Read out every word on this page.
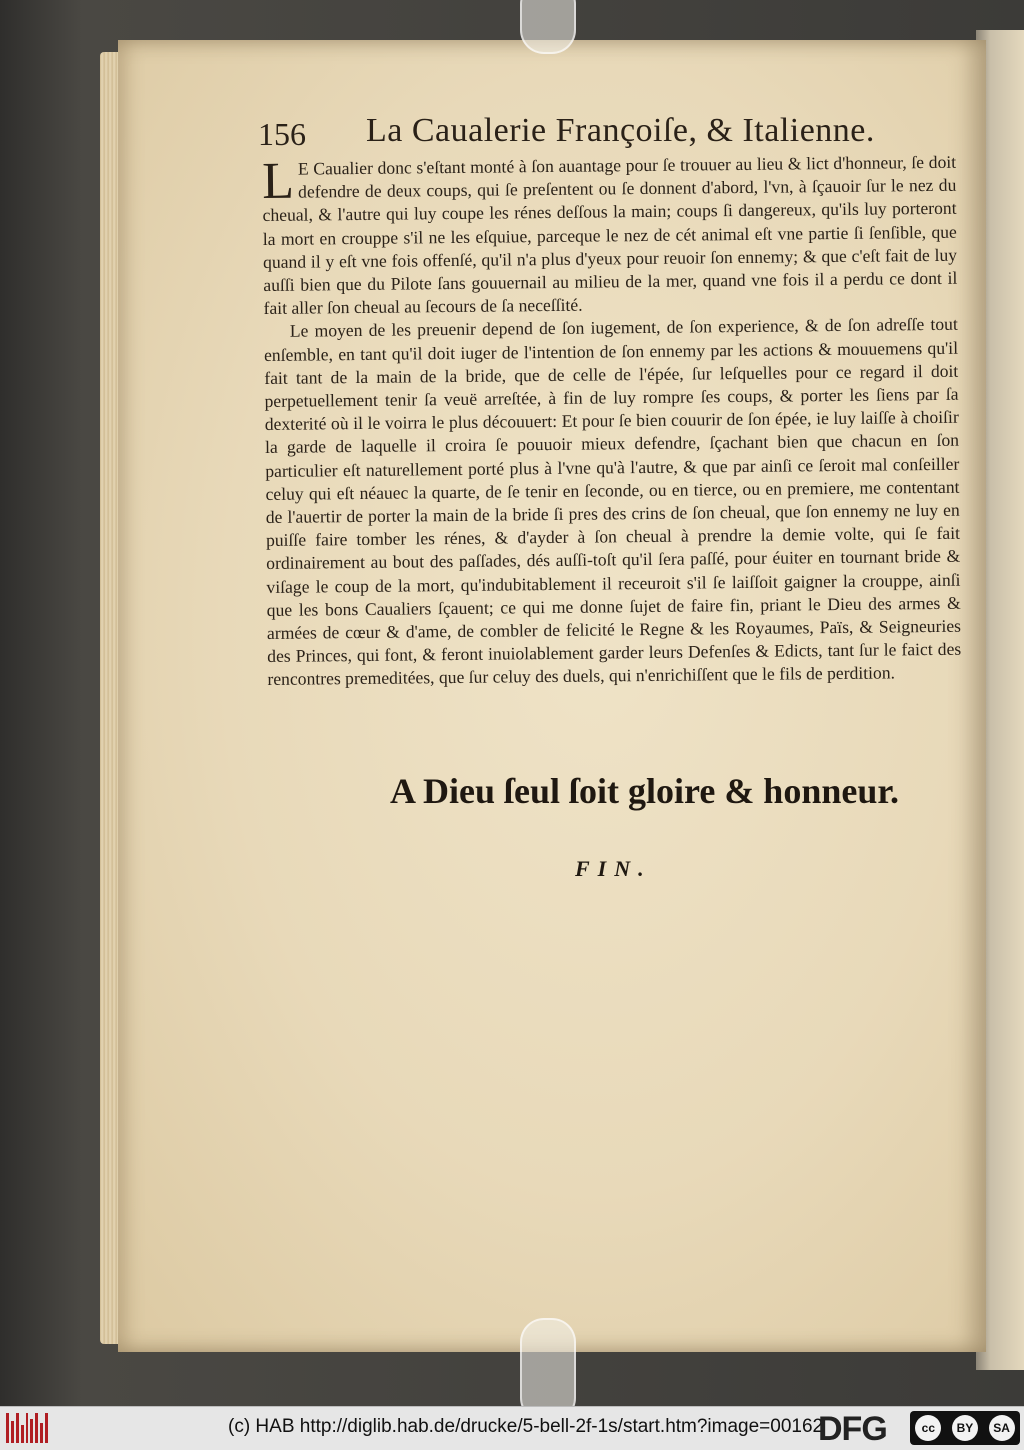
156 La Caualerie Françoiſe, & Italienne.

LE Caualier donc s'eſtant monté à ſon auantage pour ſe trouuer au lieu & lict d'honneur, ſe doit defendre de deux coups, qui ſe preſentent ou ſe donnent d'abord, l'vn, à ſçauoir ſur le nez du cheual, & l'autre qui luy coupe les rénes deſſous la main; coups ſi dangereux, qu'ils luy porteront la mort en crouppe s'il ne les eſquiue, parceque le nez de cét animal eſt vne partie ſi ſenſible, que quand il y eſt vne fois offenſé, qu'il n'a plus d'yeux pour reuoir ſon ennemy; & que c'eſt fait de luy auſſi bien que du Pilote ſans gouuernail au milieu de la mer, quand vne fois il a perdu ce dont il fait aller ſon cheual au ſecours de ſa neceſſité.

Le moyen de les preuenir depend de ſon iugement, de ſon experience, & de ſon adreſſe tout enſemble, en tant qu'il doit iuger de l'intention de ſon ennemy par les actions & mouuemens qu'il fait tant de la main de la bride, que de celle de l'épée, ſur leſquelles pour ce regard il doit perpetuellement tenir ſa veuë arreſtée, à fin de luy rompre ſes coups, & porter les ſiens par ſa dexterité où il le voirra le plus découuert: Et pour ſe bien couurir de ſon épée, ie luy laiſſe à choiſir la garde de laquelle il croira ſe pouuoir mieux defendre, ſçachant bien que chacun en ſon particulier eſt naturellement porté plus à l'vne qu'à l'autre, & que par ainſi ce ſeroit mal conſeiller celuy qui eſt néauec la quarte, de ſe tenir en ſeconde, ou en tierce, ou en premiere, me contentant de l'auertir de porter la main de la bride ſi pres des crins de ſon cheual, que ſon ennemy ne luy en puiſſe faire tomber les rénes, & d'ayder à ſon cheual à prendre la demie volte, qui ſe fait ordinairement au bout des paſſades, dés auſſi-toſt qu'il ſera paſſé, pour éuiter en tournant bride & viſage le coup de la mort, qu'indubitablement il receuroit s'il ſe laiſſoit gaigner la crouppe, ainſi que les bons Caualiers ſçauent; ce qui me donne ſujet de faire fin, priant le Dieu des armes & armées de cœur & d'ame, de combler de felicité le Regne & les Royaumes, Païs, & Seigneuries des Princes, qui font, & feront inuiolablement garder leurs Defenſes & Edicts, tant ſur le faict des rencontres premeditées, que ſur celuy des duels, qui n'enrichiſſent que le fils de perdition.

A Dieu ſeul ſoit gloire & honneur.
FIN.
(c) HAB http://diglib.hab.de/drucke/5-bell-2f-1s/start.htm?image=00162
DFG	cc	BY	SA
